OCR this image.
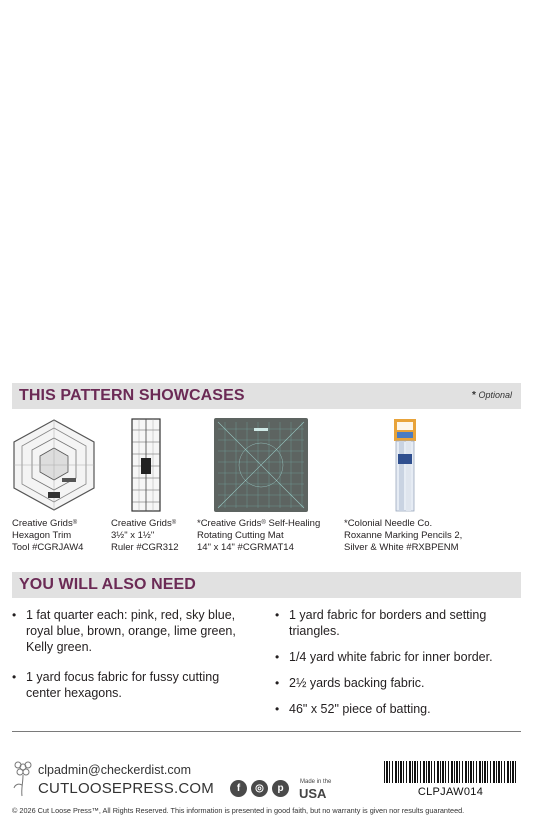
THIS PATTERN SHOWCASES	* Optional
Creative Grids®
Hexagon Trim
Tool #CGRJAW4
Creative Grids®
3½" x 1½"
Ruler #CGR312
*Creative Grids® Self-Healing
Rotating Cutting Mat
14" x 14" #CGRMAT14
*Colonial Needle Co.
Roxanne Marking Pencils 2,
Silver & White #RXBPENM
YOU WILL ALSO NEED
• 1 fat quarter each: pink, red, sky blue, royal blue, brown, orange, lime green, Kelly green.
• 1 yard focus fabric for fussy cutting center hexagons.
• 1 yard fabric for borders and setting triangles.
• 1/4 yard white fabric for inner border.
• 2½ yards backing fabric.
• 46" x 52" piece of batting.
clpadmin@checkerdist.com
CUTLOOSEPRESS.COM	f	◎	p
Made in the
USA	CLPJAW014
© 2026 Cut Loose Press™, All Rights Reserved. This information is presented in good faith, but no warranty is given nor results guaranteed.
